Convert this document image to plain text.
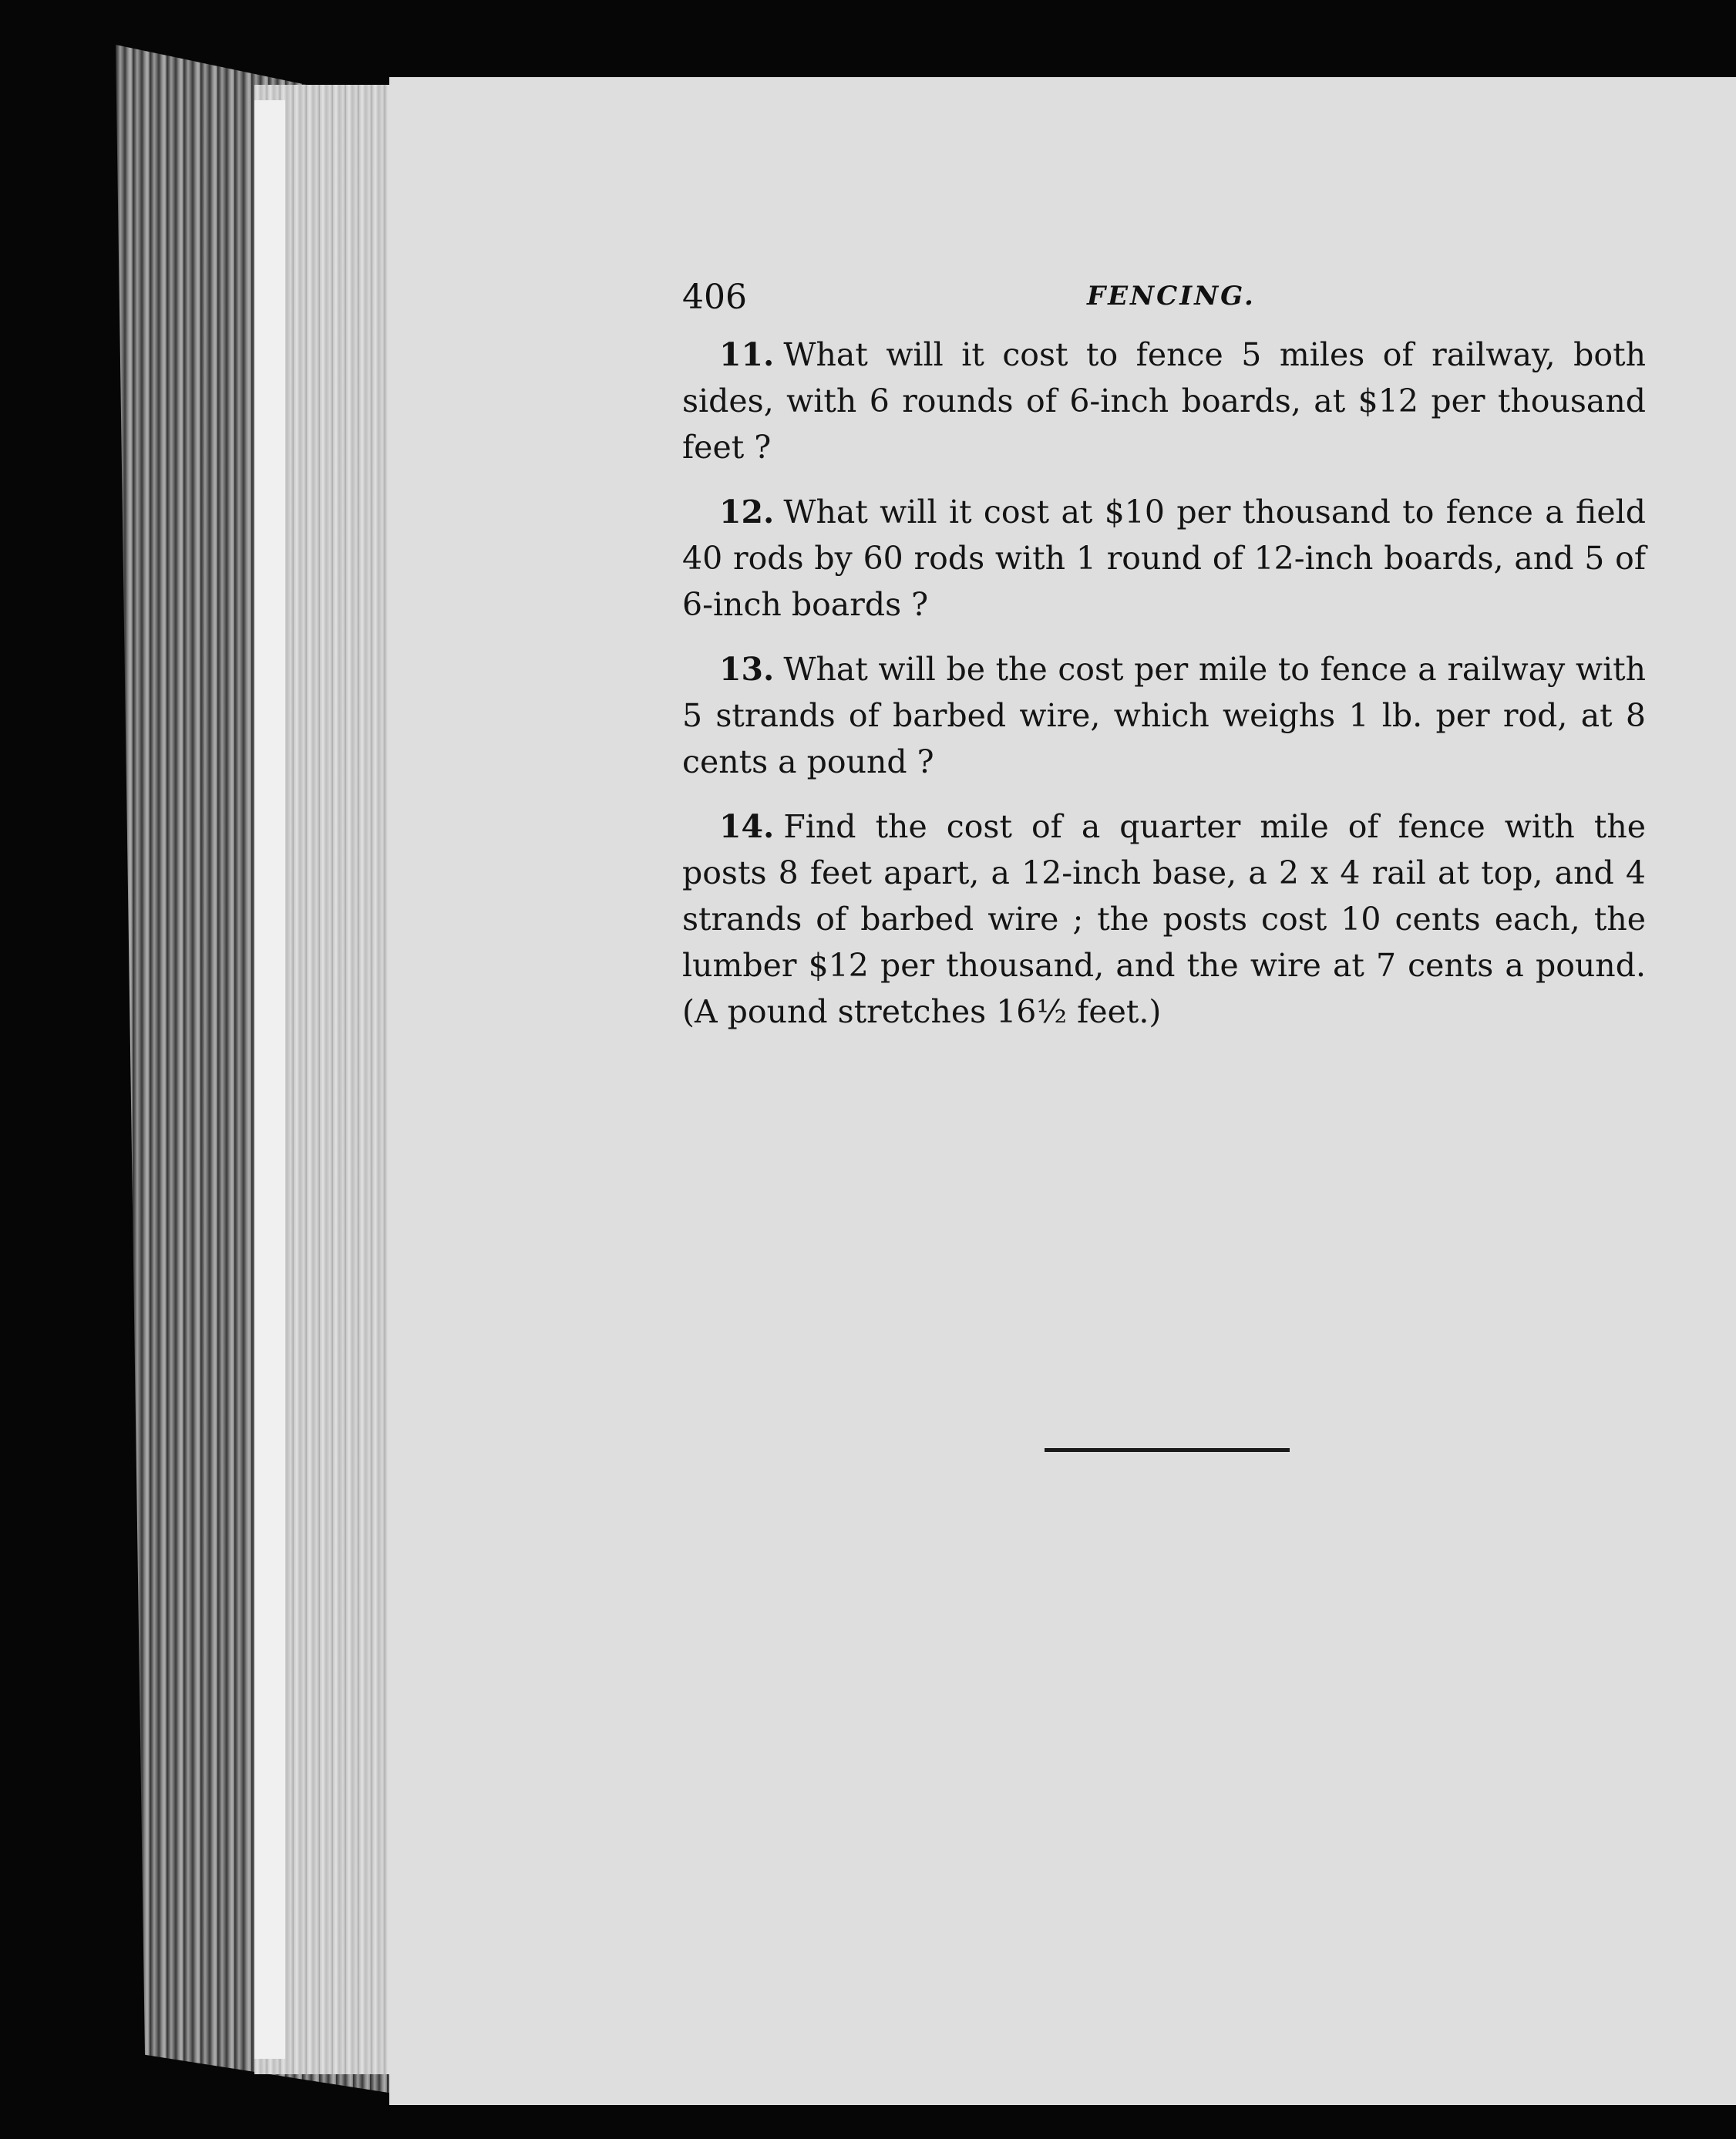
406	FENCING.

11. What will it cost to fence 5 miles of railway, both sides, with 6 rounds of 6-inch boards, at $12 per thousand feet ?

12. What will it cost at $10 per thousand to fence a field 40 rods by 60 rods with 1 round of 12-inch boards, and 5 of 6-inch boards ?

13. What will be the cost per mile to fence a railway with 5 strands of barbed wire, which weighs 1 lb. per rod, at 8 cents a pound ?

14. Find the cost of a quarter mile of fence with the posts 8 feet apart, a 12-inch base, a 2 x 4 rail at top, and 4 strands of barbed wire ; the posts cost 10 cents each, the lumber $12 per thousand, and the wire at 7 cents a pound. (A pound stretches 16½ feet.)
